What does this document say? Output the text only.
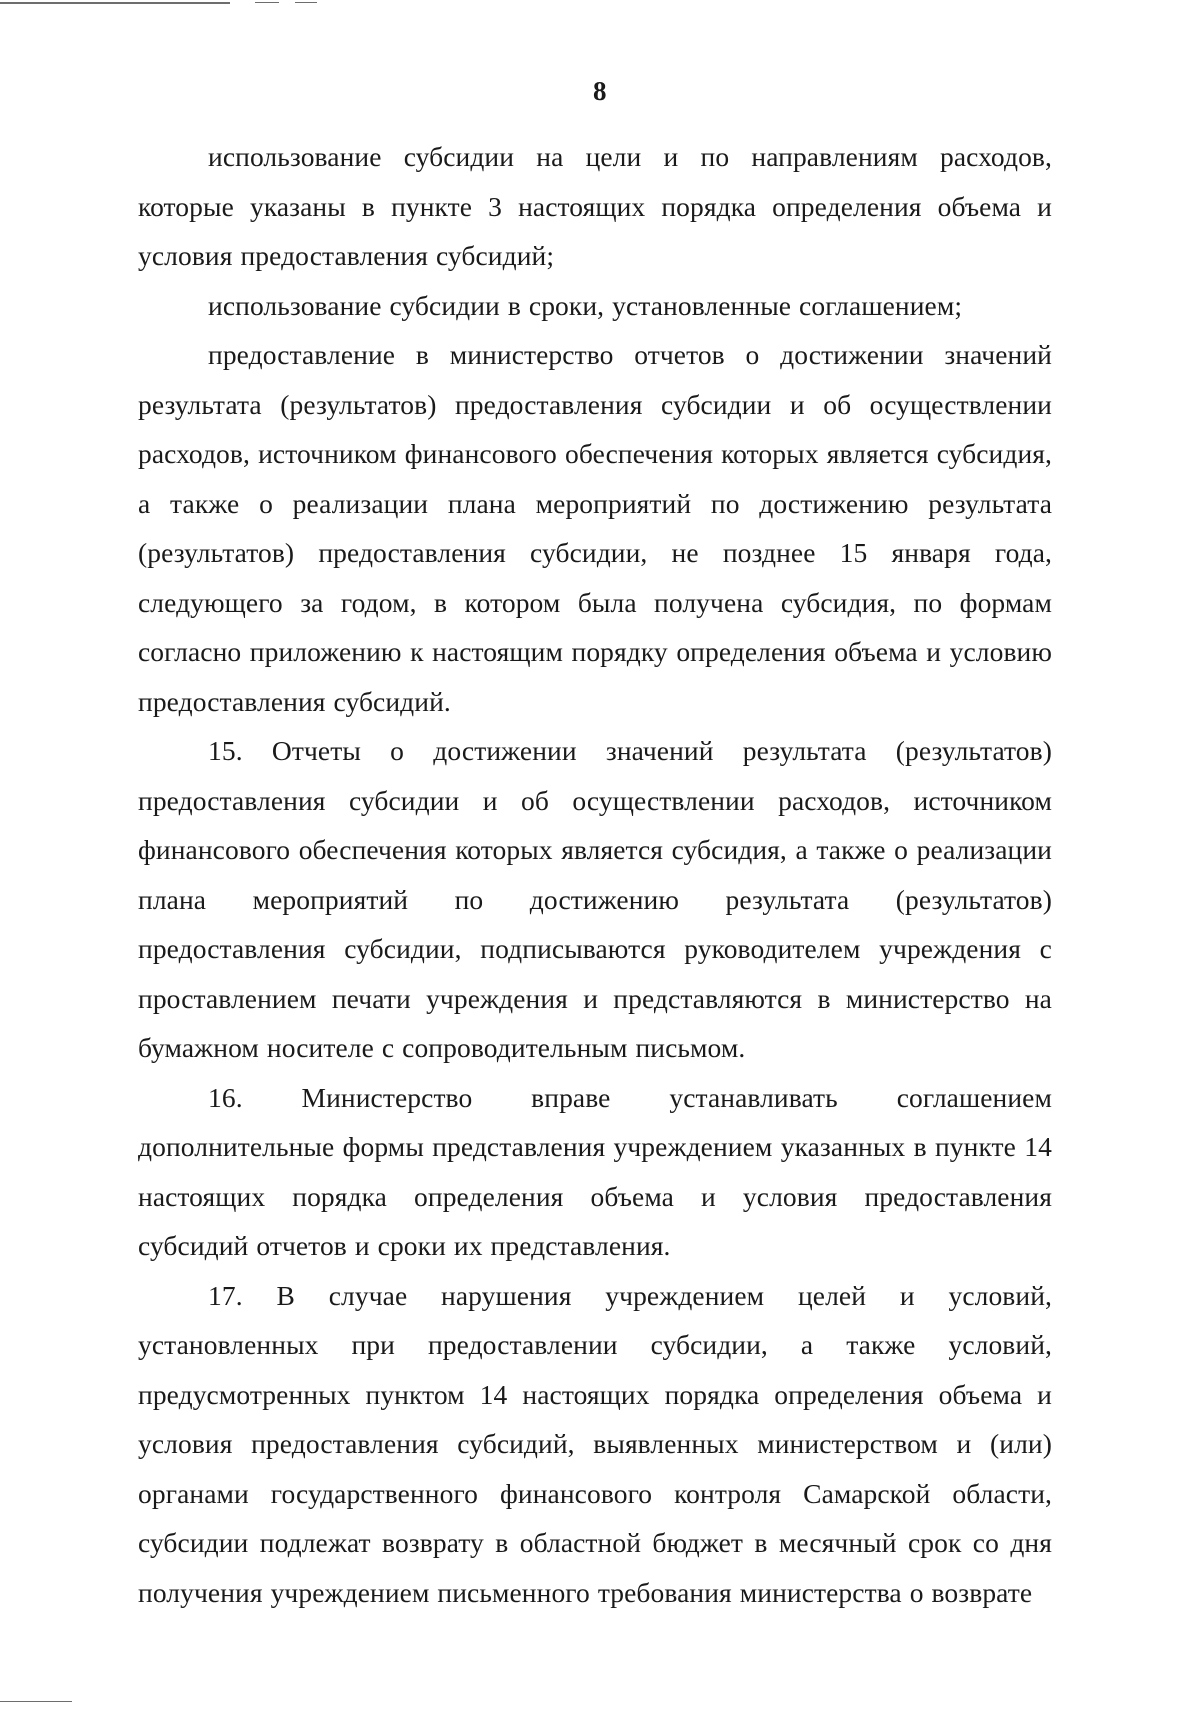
8

использование субсидии на цели и по направлениям расходов, которые указаны в пункте 3 настоящих порядка определения объема и условия предоставления субсидий;

использование субсидии в сроки, установленные соглашением;

предоставление в министерство отчетов о достижении значений результата (результатов) предоставления субсидии и об осуществлении расходов, источником финансового обеспечения которых является субсидия, а также о реализации плана мероприятий по достижению результата (результатов) предоставления субсидии, не позднее 15 января года, следующего за годом, в котором была получена субсидия, по формам согласно приложению к настоящим порядку определения объема и условию предоставления субсидий.

15. Отчеты о достижении значений результата (результатов) предоставления субсидии и об осуществлении расходов, источником финансового обеспечения которых является субсидия, а также о реализации плана мероприятий по достижению результата (результатов) предоставления субсидии, подписываются руководителем учреждения с проставлением печати учреждения и представляются в министерство на бумажном носителе с сопроводительным письмом.

16. Министерство вправе устанавливать соглашением дополнительные формы представления учреждением указанных в пункте 14 настоящих порядка определения объема и условия предоставления субсидий отчетов и сроки их представления.

17. В случае нарушения учреждением целей и условий, установленных при предоставлении субсидии, а также условий, предусмотренных пунктом 14 настоящих порядка определения объема и условия предоставления субсидий, выявленных министерством и (или) органами государственного финансового контроля Самарской области, субсидии подлежат возврату в областной бюджет в месячный срок со дня получения учреждением письменного требования министерства о возврате
